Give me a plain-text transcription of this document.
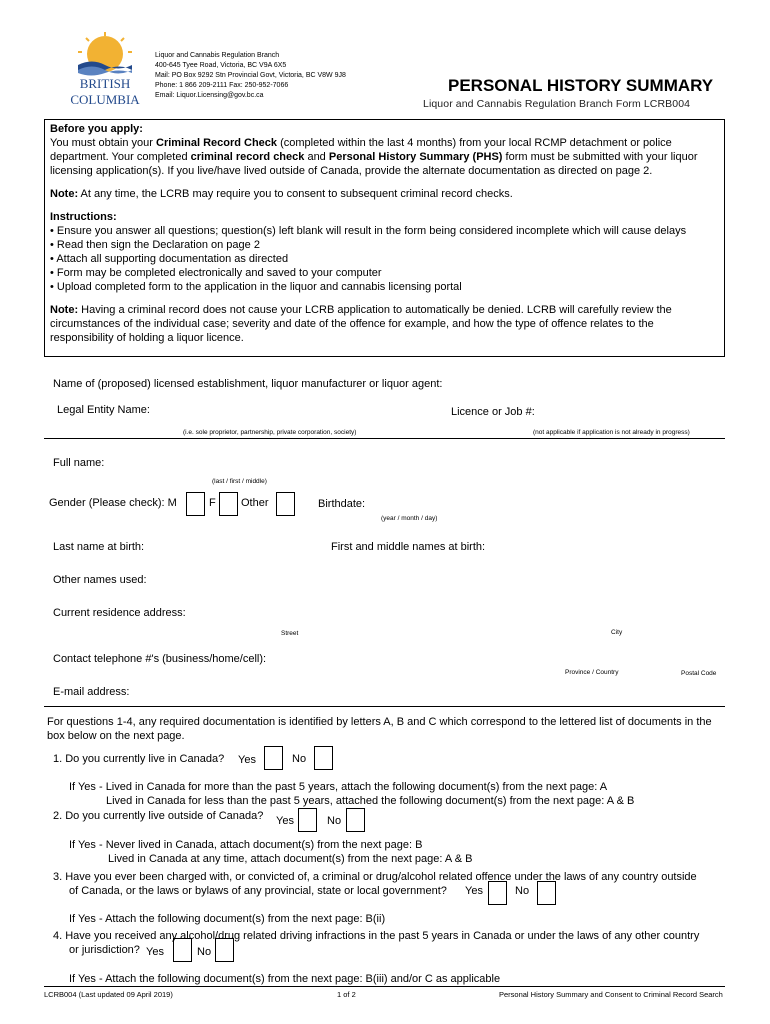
BRITISH
COLUMBIA
Liquor and Cannabis Regulation Branch
400-645 Tyee Road, Victoria, BC V9A 6X5
Mail: PO Box 9292 Stn Provincial Govt, Victoria, BC V8W 9J8
Phone: 1 866 209-2111 Fax: 250-952-7066
Email: Liquor.Licensing@gov.bc.ca
PERSONAL HISTORY SUMMARY
Liquor and Cannabis Regulation Branch Form LCRB004
Before you apply:
You must obtain your Criminal Record Check (completed within the last 4 months) from your local RCMP detachment or police department. Your completed criminal record check and Personal History Summary (PHS) form must be submitted with your liquor licensing application(s). If you live/have lived outside of Canada, provide the alternate documentation as directed on page 2.
Note: At any time, the LCRB may require you to consent to subsequent criminal record checks.
Instructions:
• Ensure you answer all questions; question(s) left blank will result in the form being considered incomplete which will cause delays
• Read then sign the Declaration on page 2
• Attach all supporting documentation as directed
• Form may be completed electronically and saved to your computer
• Upload completed form to the application in the liquor and cannabis licensing portal
Note: Having a criminal record does not cause your LCRB application to automatically be denied. LCRB will carefully review the circumstances of the individual case; severity and date of the offence for example, and how the type of offence relates to the responsibility of holding a liquor licence.
Name of (proposed) licensed establishment, liquor manufacturer or liquor agent:
Legal Entity Name:	Licence or Job #:
(i.e. sole proprietor, partnership, private corporation, society)	(not applicable if application is not already in progress)
Full name:
(last / first / middle)
Gender (Please check): M	F Other	Birthdate:
(year / month / day)
Last name at birth:	First and middle names at birth:
Other names used:
Current residence address:
Street	City
Contact telephone #'s (business/home/cell):
Province / Country	Postal Code
E-mail address:
For questions 1-4, any required documentation is identified by letters A, B and C which correspond to the lettered list of documents in the box below on the next page.
1. Do you currently live in Canada? Yes	No
If Yes - Lived in Canada for more than the past 5 years, attach the following document(s) from the next page: A
Lived in Canada for less than the past 5 years, attached the following document(s) from the next page: A & B
2. Do you currently live outside of Canada? Yes	No
If Yes - Never lived in Canada, attach document(s) from the next page: B
Lived in Canada at any time, attach document(s) from the next page: A & B
3. Have you ever been charged with, or convicted of, a criminal or drug/alcohol related offence under the laws of any country outside
of Canada, or the laws or bylaws of any provincial, state or local government? Yes	No
If Yes - Attach the following document(s) from the next page: B(ii)
4. Have you received any alcohol/drug related driving infractions in the past 5 years in Canada or under the laws of any other country
or jurisdiction? Yes	No
If Yes - Attach the following document(s) from the next page: B(iii) and/or C as applicable
LCRB004 (Last updated 09 April 2019)	1 of 2	Personal History Summary and Consent to Criminal Record Search
